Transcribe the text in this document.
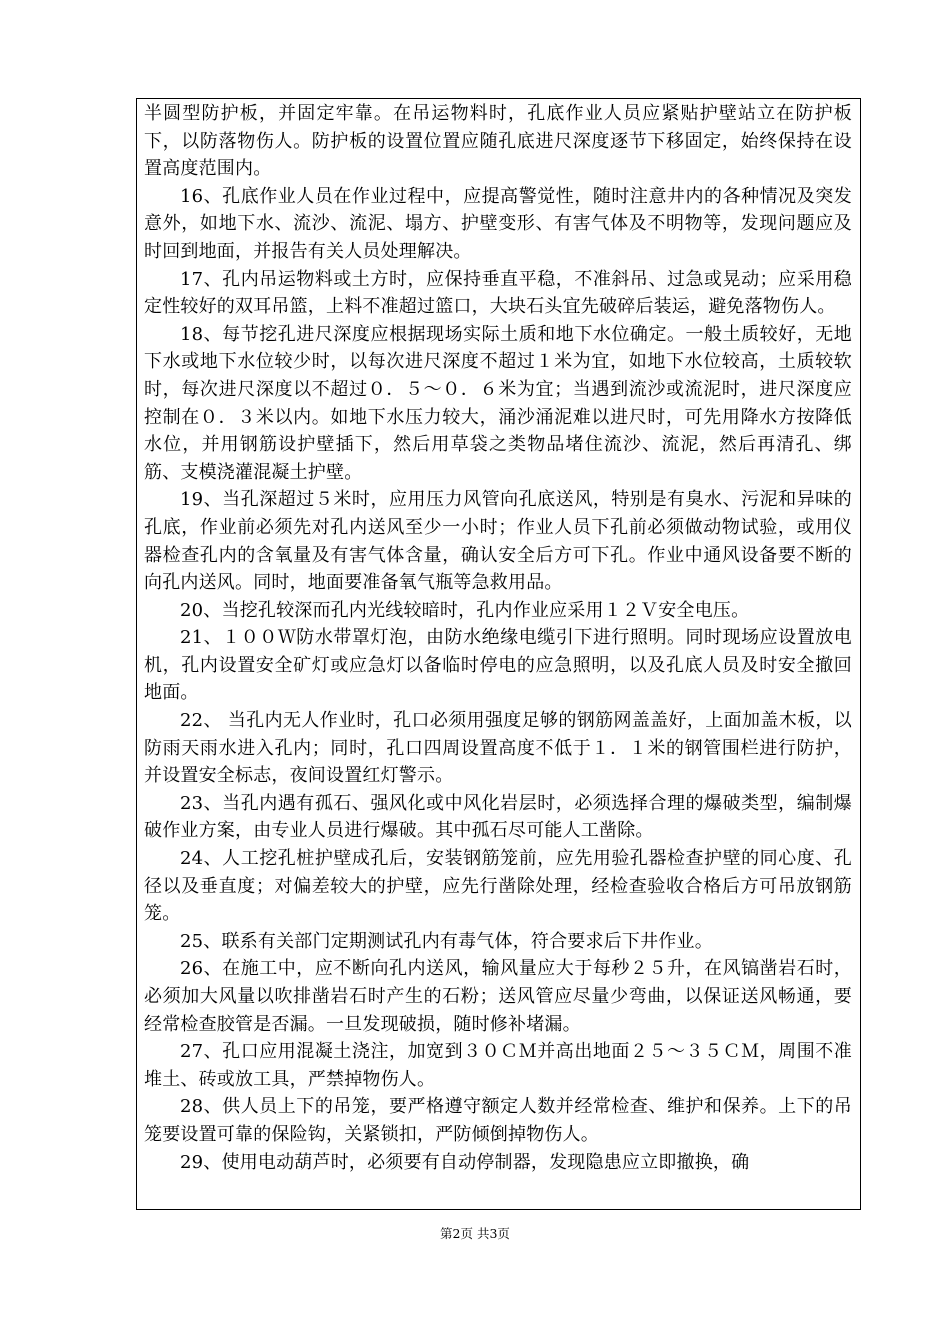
半圆型防护板，并固定牢靠。在吊运物料时，孔底作业人员应紧贴护壁站立在防护板下，以防落物伤人。防护板的设置位置应随孔底进尺深度逐节下移固定，始终保持在设置高度范围内。

16、孔底作业人员在作业过程中，应提高警觉性，随时注意井内的各种情况及突发意外，如地下水、流沙、流泥、塌方、护壁变形、有害气体及不明物等，发现问题应及时回到地面，并报告有关人员处理解决。

17、孔内吊运物料或土方时，应保持垂直平稳，不准斜吊、过急或晃动；应采用稳定性较好的双耳吊篮，上料不准超过篮口，大块石头宜先破碎后装运，避免落物伤人。

18、每节挖孔进尺深度应根据现场实际土质和地下水位确定。一般土质较好，无地下水或地下水位较少时，以每次进尺深度不超过１米为宜，如地下水位较高，土质较软时，每次进尺深度以不超过０．５～０．６米为宜；当遇到流沙或流泥时，进尺深度应控制在０．３米以内。如地下水压力较大，涌沙涌泥难以进尺时，可先用降水方按降低水位，并用钢筋设护壁插下，然后用草袋之类物品堵住流沙、流泥，然后再清孔、绑筋、支模浇灌混凝土护壁。

19、当孔深超过５米时，应用压力风管向孔底送风，特别是有臭水、污泥和异味的孔底，作业前必须先对孔内送风至少一小时；作业人员下孔前必须做动物试验，或用仪器检查孔内的含氧量及有害气体含量，确认安全后方可下孔。作业中通风设备要不断的向孔内送风。同时，地面要准备氧气瓶等急救用品。

20、当挖孔较深而孔内光线较暗时，孔内作业应采用１２Ｖ安全电压。

21、１００Ｗ防水带罩灯泡，由防水绝缘电缆引下进行照明。同时现场应设置放电机，孔内设置安全矿灯或应急灯以备临时停电的应急照明，以及孔底人员及时安全撤回地面。

22、 当孔内无人作业时，孔口必须用强度足够的钢筋网盖盖好，上面加盖木板，以防雨天雨水进入孔内；同时，孔口四周设置高度不低于１．１米的钢管围栏进行防护，并设置安全标志，夜间设置红灯警示。

23、当孔内遇有孤石、强风化或中风化岩层时，必须选择合理的爆破类型，编制爆破作业方案，由专业人员进行爆破。其中孤石尽可能人工凿除。

24、人工挖孔桩护壁成孔后，安装钢筋笼前，应先用验孔器检查护壁的同心度、孔径以及垂直度；对偏差较大的护壁，应先行凿除处理，经检查验收合格后方可吊放钢筋笼。

25、联系有关部门定期测试孔内有毒气体，符合要求后下井作业。

26、在施工中，应不断向孔内送风，输风量应大于每秒２５升，在风镐凿岩石时，必须加大风量以吹排凿岩石时产生的石粉；送风管应尽量少弯曲，以保证送风畅通，要经常检查胶管是否漏。一旦发现破损，随时修补堵漏。

27、孔口应用混凝土浇注，加宽到３０ＣＭ并高出地面２５～３５ＣＭ，周围不准堆土、砖或放工具，严禁掉物伤人。

28、供人员上下的吊笼，要严格遵守额定人数并经常检查、维护和保养。上下的吊笼要设置可靠的保险钩，关紧锁扣，严防倾倒掉物伤人。

29、使用电动葫芦时，必须要有自动停制器，发现隐患应立即撤换，确

第2页 共3页
